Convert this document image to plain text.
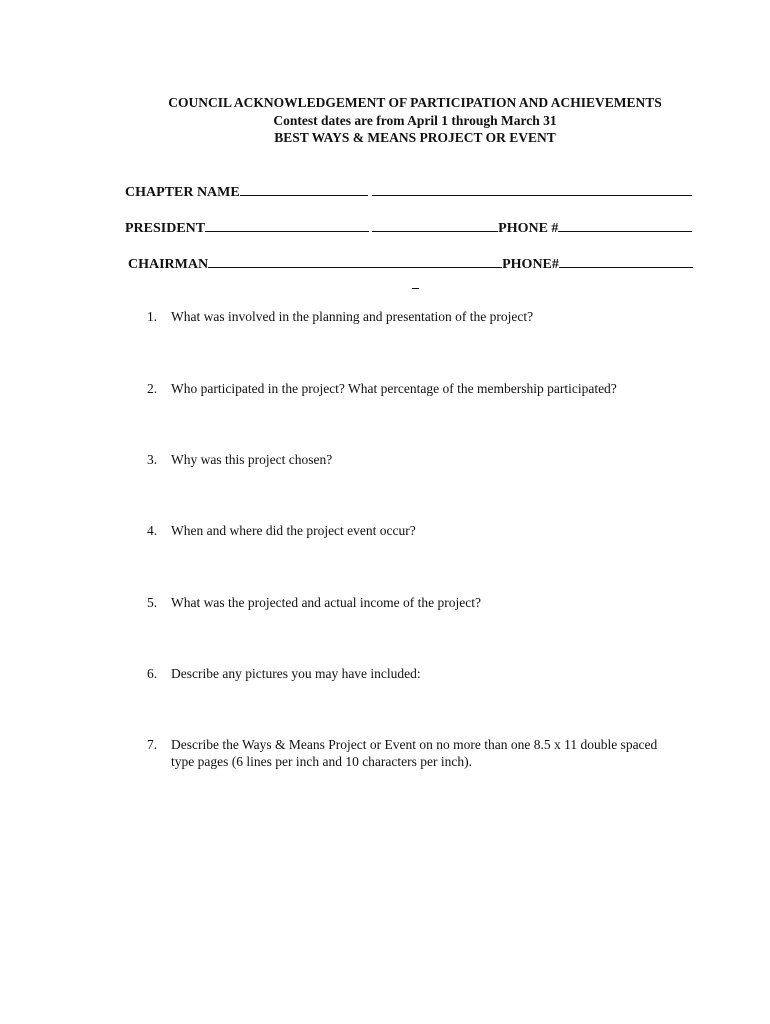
COUNCIL ACKNOWLEDGEMENT OF PARTICIPATION AND ACHIEVEMENTS
Contest dates are from April 1 through March 31
BEST WAYS & MEANS PROJECT OR EVENT
CHAPTER NAME
PRESIDENT	PHONE #
CHAIRMAN	PHONE#
1.	What was involved in the planning and presentation of the project?
2.	Who participated in the project? What percentage of the membership participated?
3.	Why was this project chosen?
4.	When and where did the project event occur?
5.	What was the projected and actual income of the project?
6.	Describe any pictures you may have included:
7.	Describe the Ways & Means Project or Event on no more than one 8.5 x 11 double spaced type pages (6 lines per inch and 10 characters per inch).
